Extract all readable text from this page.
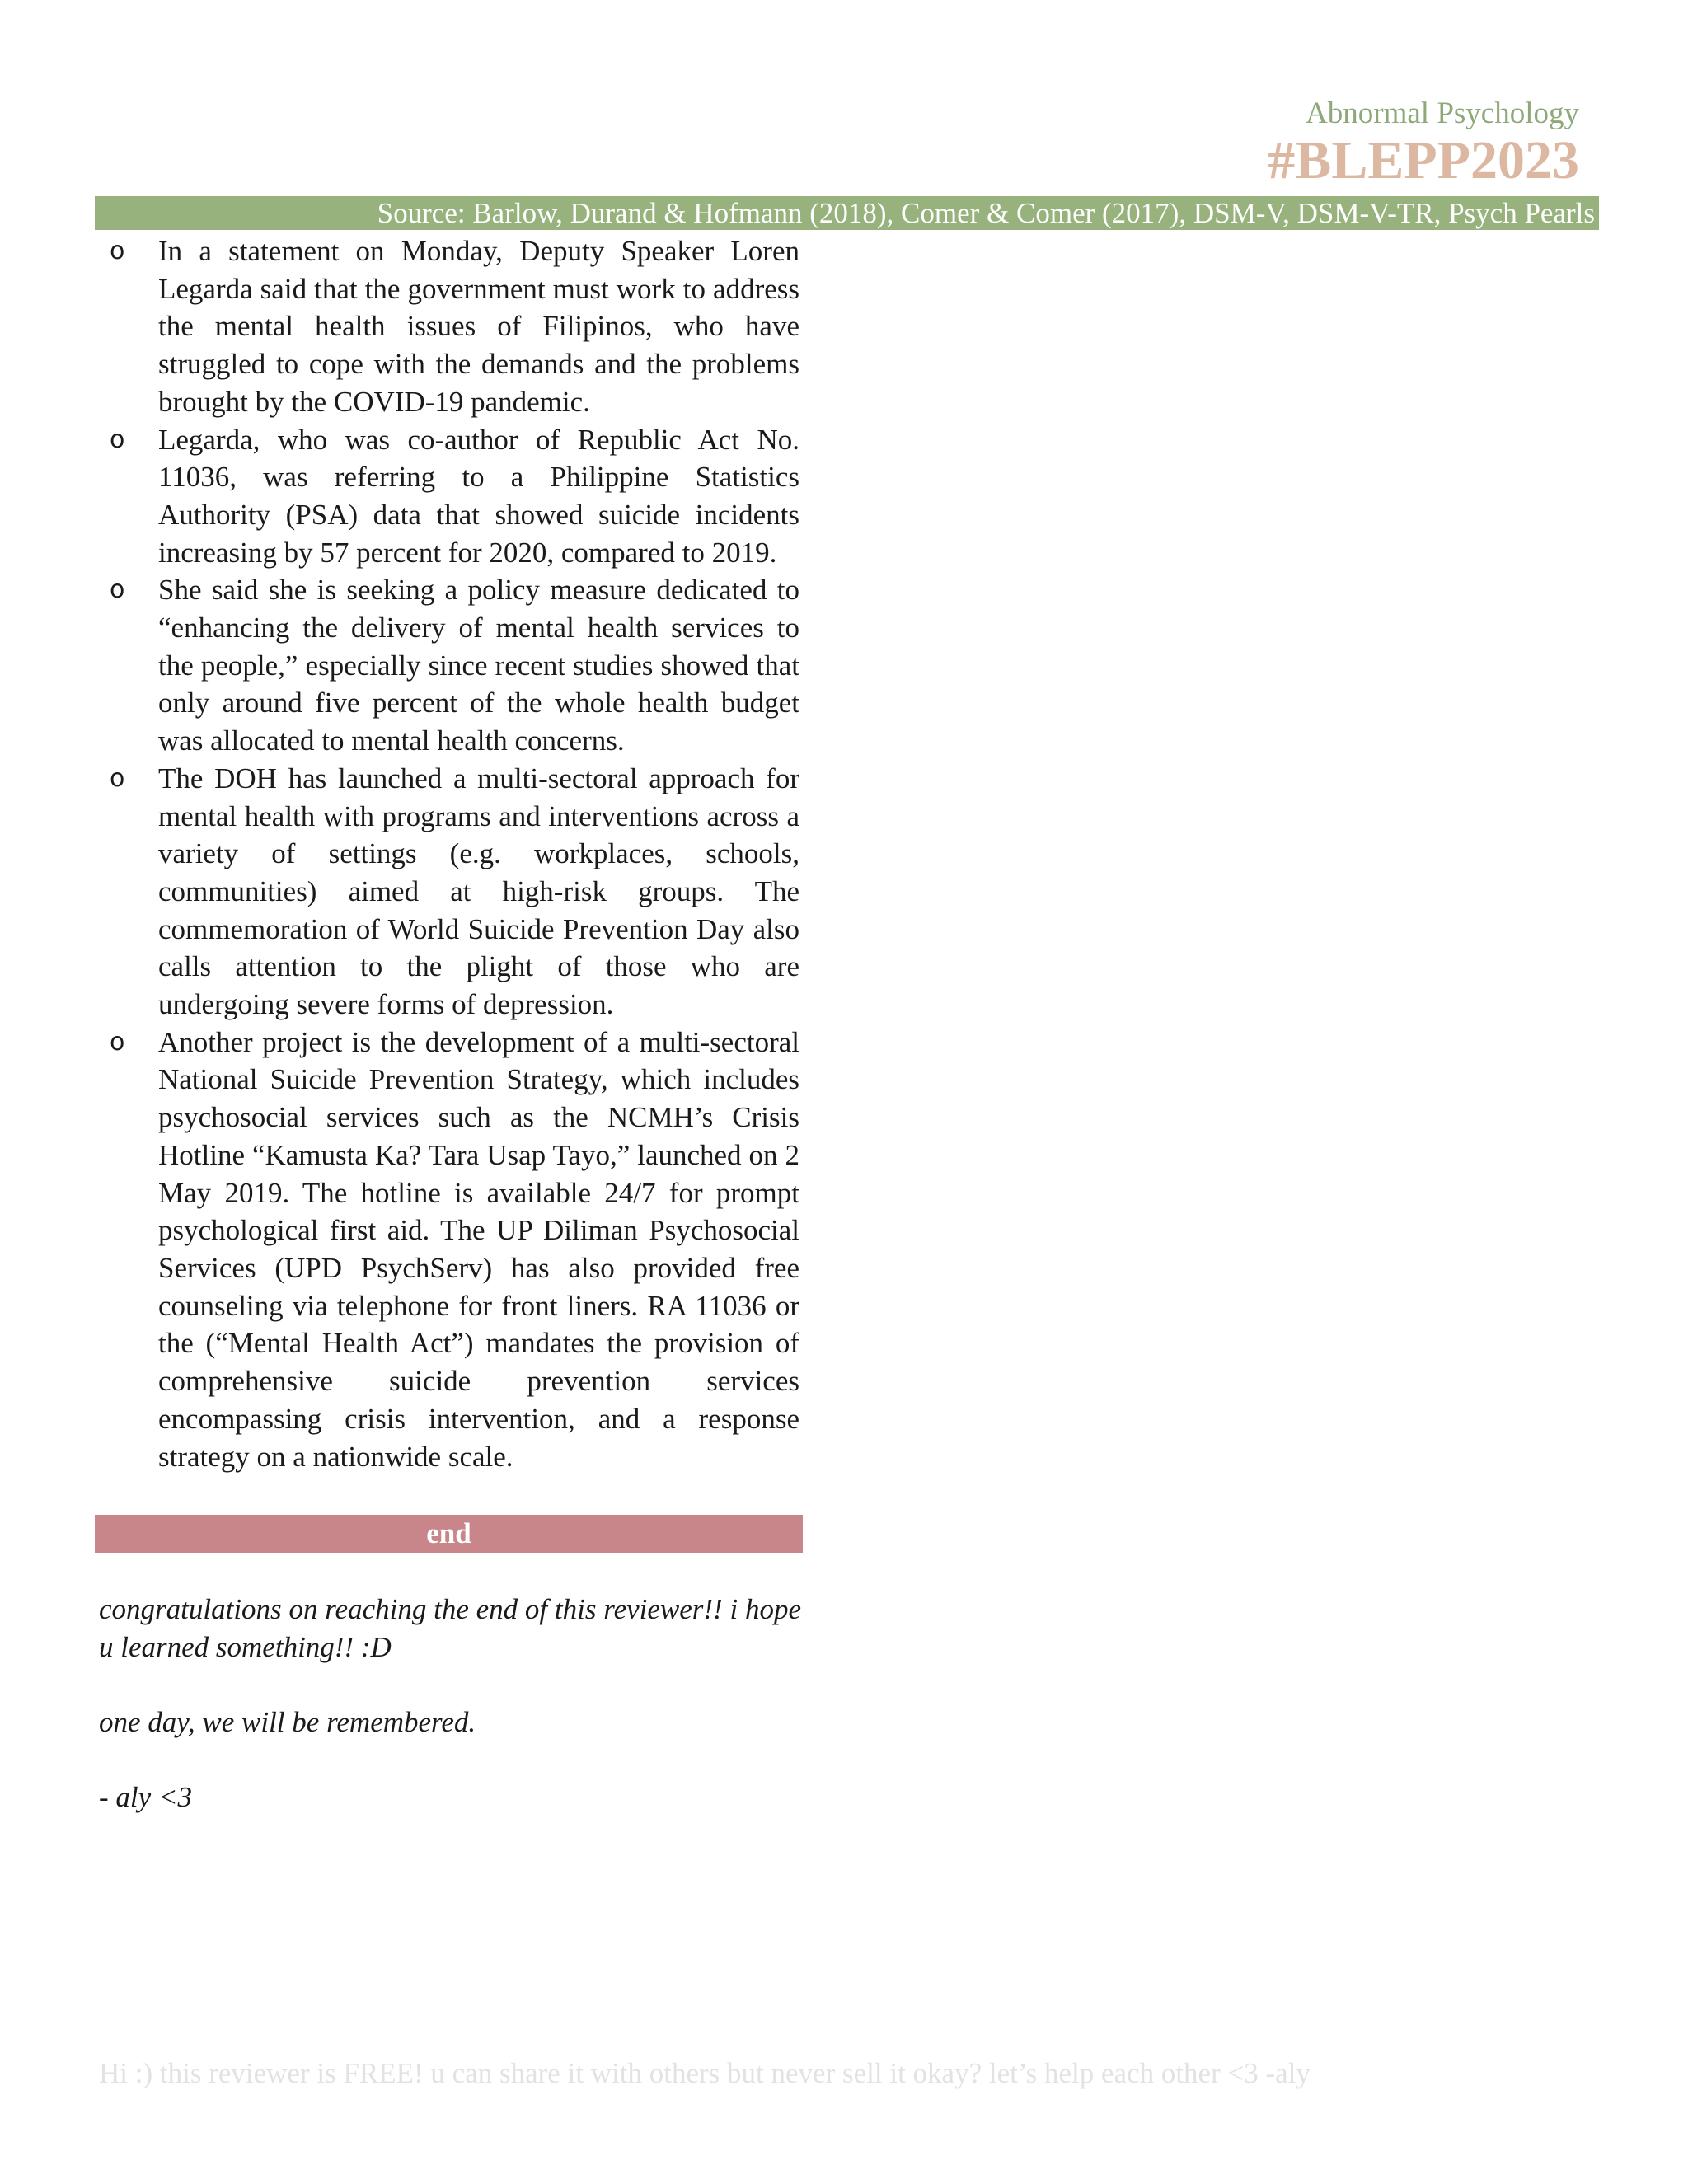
Abnormal Psychology
#BLEPP2023
Source: Barlow, Durand & Hofmann (2018), Comer & Comer (2017), DSM-V, DSM-V-TR, Psych Pearls
o In a statement on Monday, Deputy Speaker Loren Legarda said that the government must work to address the mental health issues of Filipinos, who have struggled to cope with the demands and the problems brought by the COVID-19 pandemic.
o Legarda, who was co-author of Republic Act No. 11036, was referring to a Philippine Statistics Authority (PSA) data that showed suicide incidents increasing by 57 percent for 2020, compared to 2019.
o She said she is seeking a policy measure dedicated to “enhancing the delivery of mental health services to the people,” especially since recent studies showed that only around five percent of the whole health budget was allocated to mental health concerns.
o The DOH has launched a multi-sectoral approach for mental health with programs and interventions across a variety of settings (e.g. workplaces, schools, communities) aimed at high-risk groups. The commemoration of World Suicide Prevention Day also calls attention to the plight of those who are undergoing severe forms of depression.
o Another project is the development of a multi-sectoral National Suicide Prevention Strategy, which includes psychosocial services such as the NCMH’s Crisis Hotline “Kamusta Ka? Tara Usap Tayo,” launched on 2 May 2019. The hotline is available 24/7 for prompt psychological first aid. The UP Diliman Psychosocial Services (UPD PsychServ) has also provided free counseling via telephone for front liners. RA 11036 or the (“Mental Health Act”) mandates the provision of comprehensive suicide prevention services encompassing crisis intervention, and a response strategy on a nationwide scale.
end

congratulations on reaching the end of this reviewer!! i hope u learned something!! :D

one day, we will be remembered.

- aly <3

Hi :) this reviewer is FREE! u can share it with others but never sell it okay? let’s help each other <3 -aly
